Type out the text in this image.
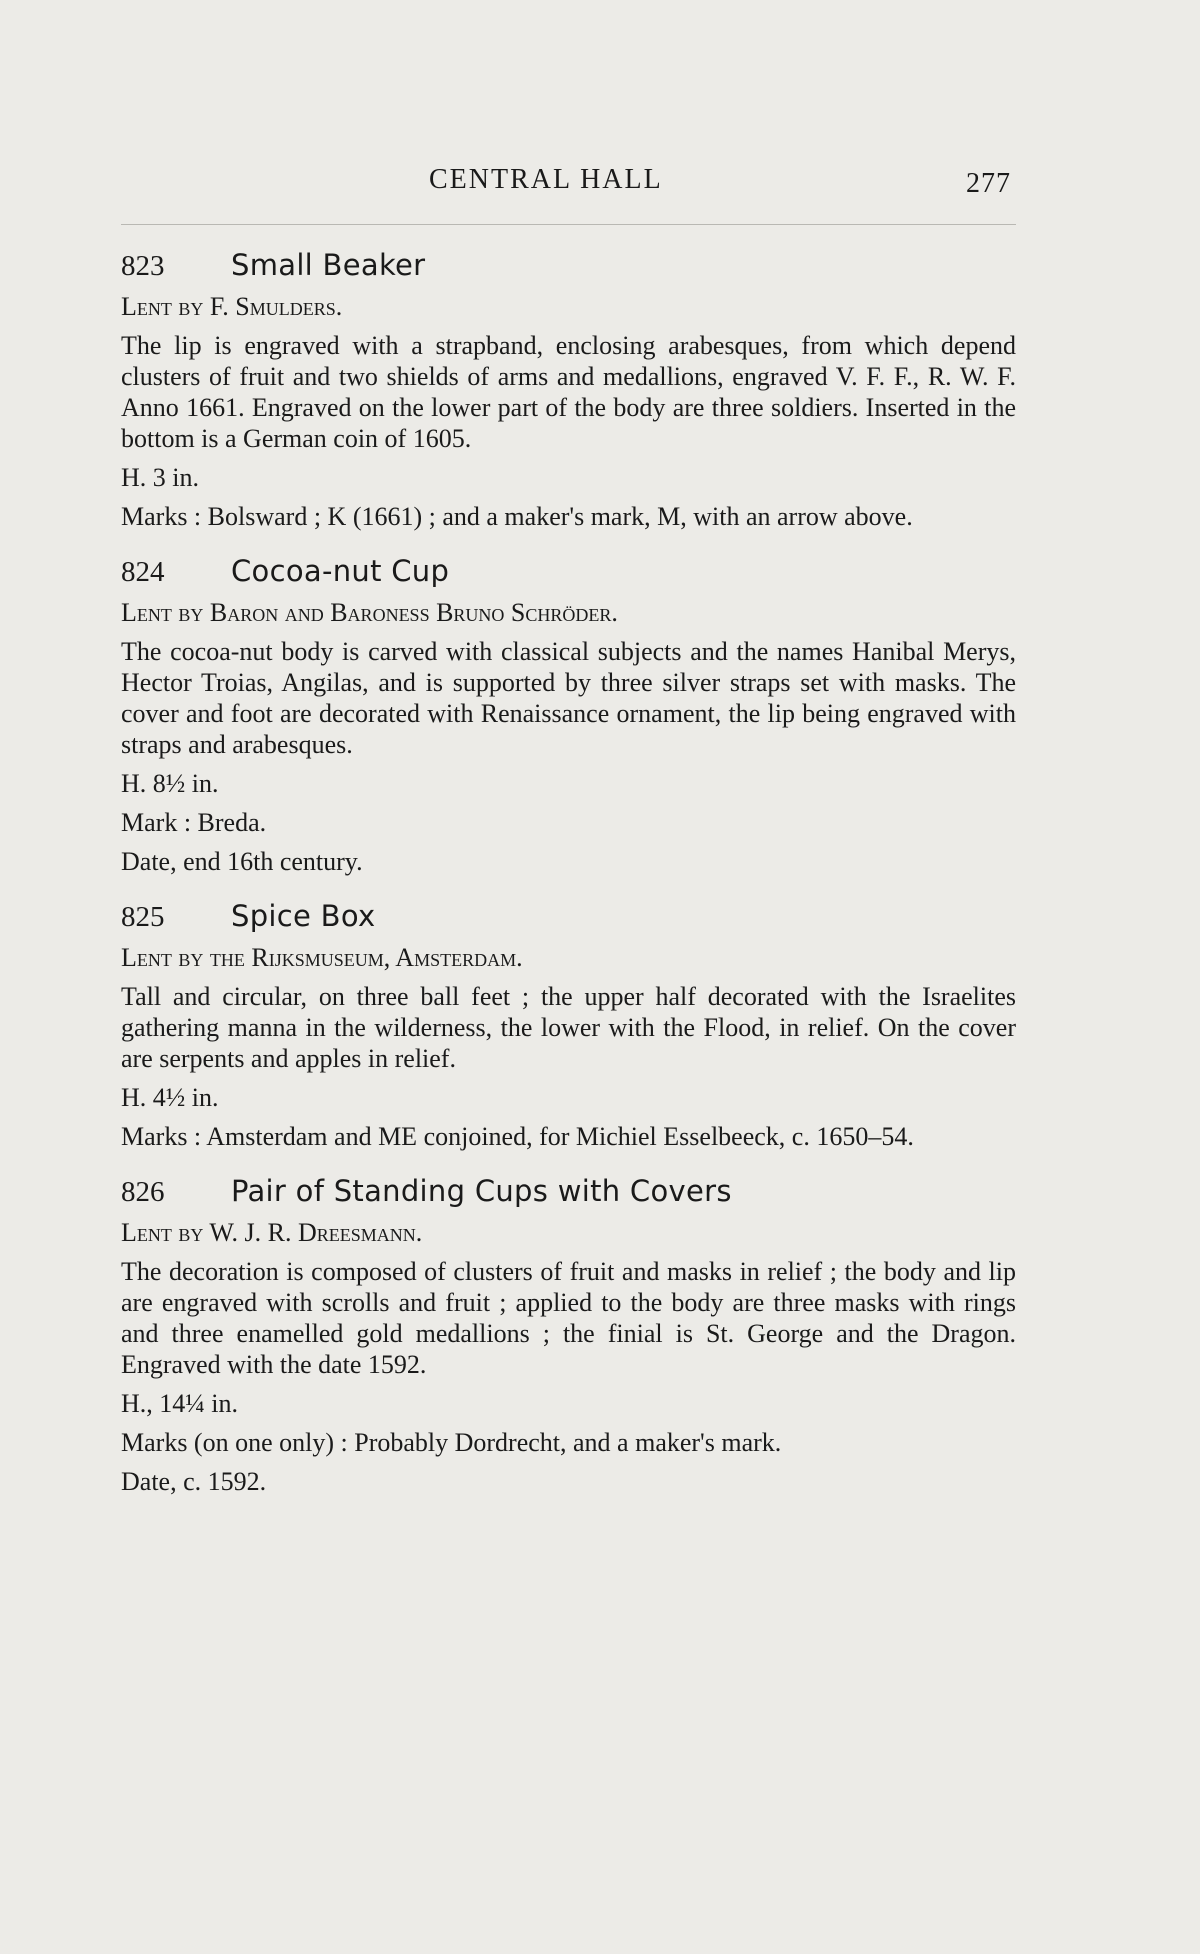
CENTRAL HALL	277
823	Small Beaker

Lent by F. Smulders.

The lip is engraved with a strapband, enclosing arabesques, from which depend clusters of fruit and two shields of arms and medallions, engraved V. F. F., R. W. F. Anno 1661. Engraved on the lower part of the body are three soldiers. Inserted in the bottom is a German coin of 1605.

H. 3 in.

Marks : Bolsward ; K (1661) ; and a maker's mark, M, with an arrow above.

824	Cocoa-nut Cup

Lent by Baron and Baroness Bruno Schröder.

The cocoa-nut body is carved with classical subjects and the names Hanibal Merys, Hector Troias, Angilas, and is supported by three silver straps set with masks. The cover and foot are decorated with Renaissance ornament, the lip being engraved with straps and arabesques.

H. 8½ in.

Mark : Breda.

Date, end 16th century.

825	Spice Box

Lent by the Rijksmuseum, Amsterdam.

Tall and circular, on three ball feet ; the upper half decorated with the Israelites gathering manna in the wilderness, the lower with the Flood, in relief. On the cover are serpents and apples in relief.

H. 4½ in.

Marks : Amsterdam and ME conjoined, for Michiel Esselbeeck, c. 1650–54.

826	Pair of Standing Cups with Covers

Lent by W. J. R. Dreesmann.

The decoration is composed of clusters of fruit and masks in relief ; the body and lip are engraved with scrolls and fruit ; applied to the body are three masks with rings and three enamelled gold medallions ; the finial is St. George and the Dragon. Engraved with the date 1592.

H., 14¼ in.

Marks (on one only) : Probably Dordrecht, and a maker's mark.

Date, c. 1592.
